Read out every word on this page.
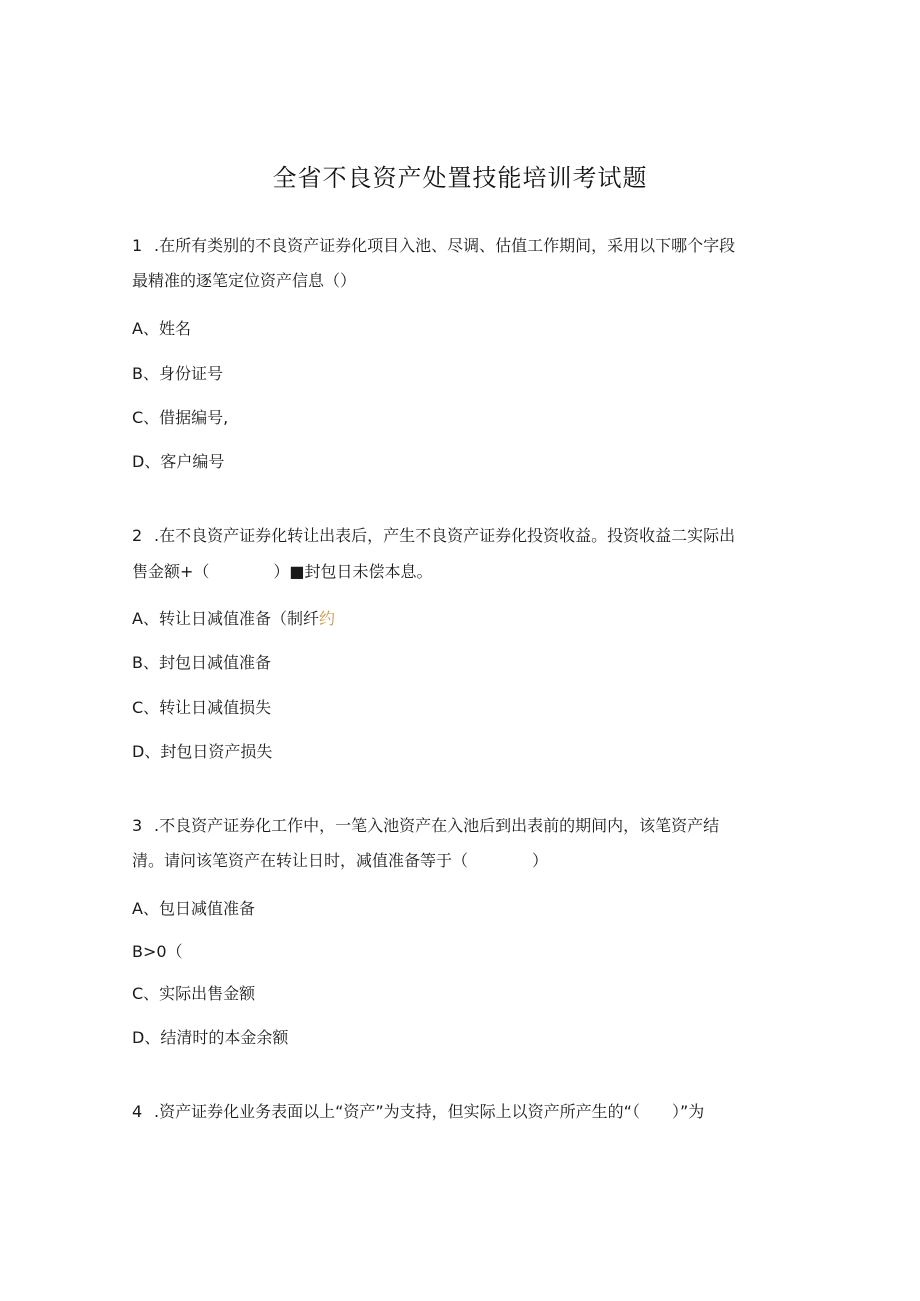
全省不良资产处置技能培训考试题
1 .在所有类别的不良资产证券化项目入池、尽调、估值工作期间，采用以下哪个字段
最精准的逐笔定位资产信息（）
A、姓名
B、身份证号
C、借据编号,
D、客户编号
2 .在不良资产证券化转让出表后，产生不良资产证券化投资收益。投资收益二实际出
售金额+（　　　　）■封包日未偿本息。
A、转让日减值准备（制纤约
B、封包日减值准备
C、转让日减值损失
D、封包日资产损失
3 .不良资产证券化工作中，一笔入池资产在入池后到出表前的期间内，该笔资产结
清。请问该笔资产在转让日时，减值准备等于（　　　　）
A、包日减值准备
B>0（
C、实际出售金额
D、结清时的本金余额
4 .资产证券化业务表面以上“资产”为支持，但实际上以资产所产生的“（　　）”为
